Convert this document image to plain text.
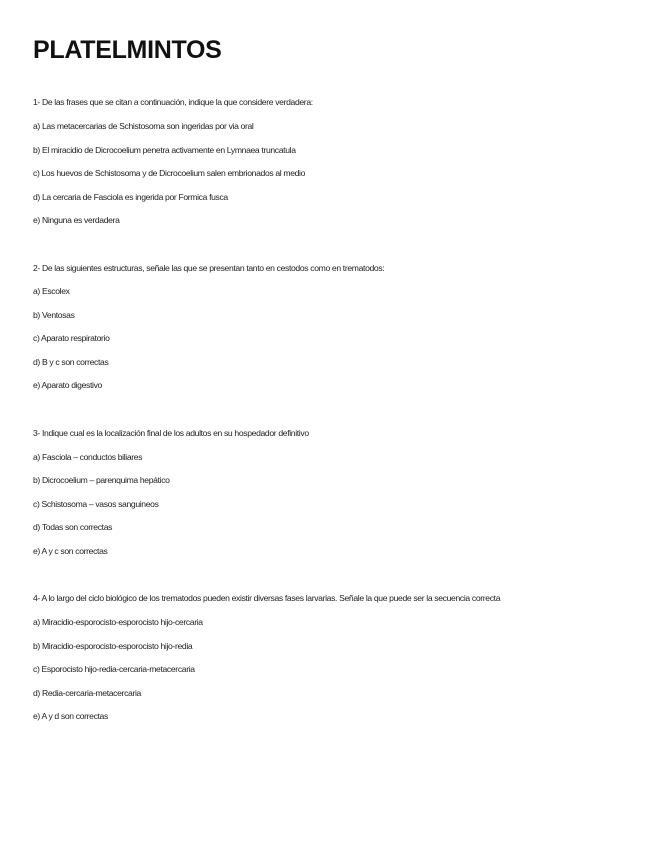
PLATELMINTOS

1- De las frases que se citan a continuación, indique la que considere verdadera:

a) Las metacercarias de Schistosoma son ingeridas por via oral

b) El miracidio de Dicrocoelium penetra activamente en Lymnaea truncatula

c) Los huevos de Schistosoma y de Dicrocoelium salen embrionados al medio

d) La cercaria de Fasciola es ingerida por Formica fusca

e) Ninguna es verdadera

2- De las siguientes estructuras, señale las que se presentan tanto en cestodos como en trematodos:

a) Escolex

b) Ventosas

c) Aparato respiratorio

d) B y c son correctas

e) Aparato digestivo

3- Indique cual es la localización final de los adultos en su hospedador definitivo

a) Fasciola – conductos biliares

b) Dicrocoelium – parenquima hepático

c) Schistosoma – vasos sanguineos

d) Todas son correctas

e) A y c son correctas

4- A lo largo del ciclo biológico de los trematodos pueden existir diversas fases larvarias. Señale la que puede ser la secuencia correcta

a) Miracidio-esporocisto-esporocisto hijo-cercaria

b) Miracidio-esporocisto-esporocisto hijo-redia

c) Esporocisto hijo-redia-cercaria-metacercaria

d) Redia-cercaria-metacercaria

e) A y d son correctas
